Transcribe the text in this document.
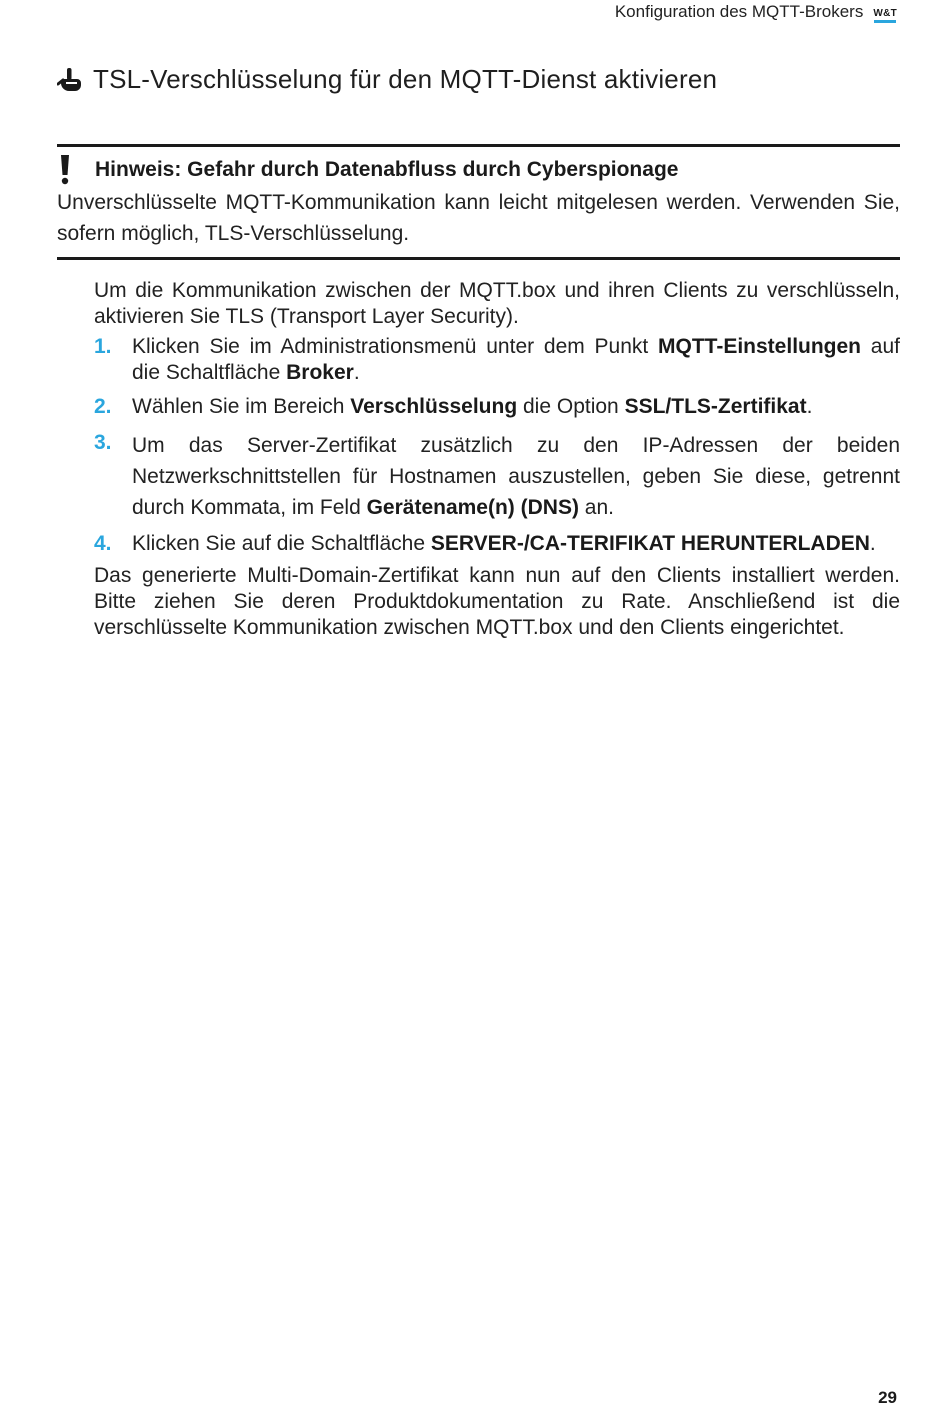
Konfiguration des MQTT-Brokers W&T
TSL-Verschlüsselung für den MQTT-Dienst aktivieren
Hinweis: Gefahr durch Datenabfluss durch Cyberspionage

Unverschlüsselte MQTT-Kommunikation kann leicht mitgelesen werden. Verwenden Sie, sofern möglich, TLS-Verschlüsselung.

Um die Kommunikation zwischen der MQTT.box und ihren Clients zu verschlüsseln, aktivieren Sie TLS (Transport Layer Security).

1. Klicken Sie im Administrationsmenü unter dem Punkt MQTT-Einstellungen auf die Schaltfläche Broker.
2. Wählen Sie im Bereich Verschlüsselung die Option SSL/TLS-Zertifikat.
3. Um das Server-Zertifikat zusätzlich zu den IP-Adressen der beiden Netzwerkschnittstellen für Hostnamen auszustellen, geben Sie diese, getrennt durch Kommata, im Feld Gerätename(n) (DNS) an.
4. Klicken Sie auf die Schaltfläche SERVER-/CA-TERIFIKAT HERUNTERLADEN.

Das generierte Multi-Domain-Zertifikat kann nun auf den Clients installiert werden. Bitte ziehen Sie deren Produktdokumentation zu Rate. Anschließend ist die verschlüsselte Kommunikation zwischen MQTT.box und den Clients eingerichtet.

29
